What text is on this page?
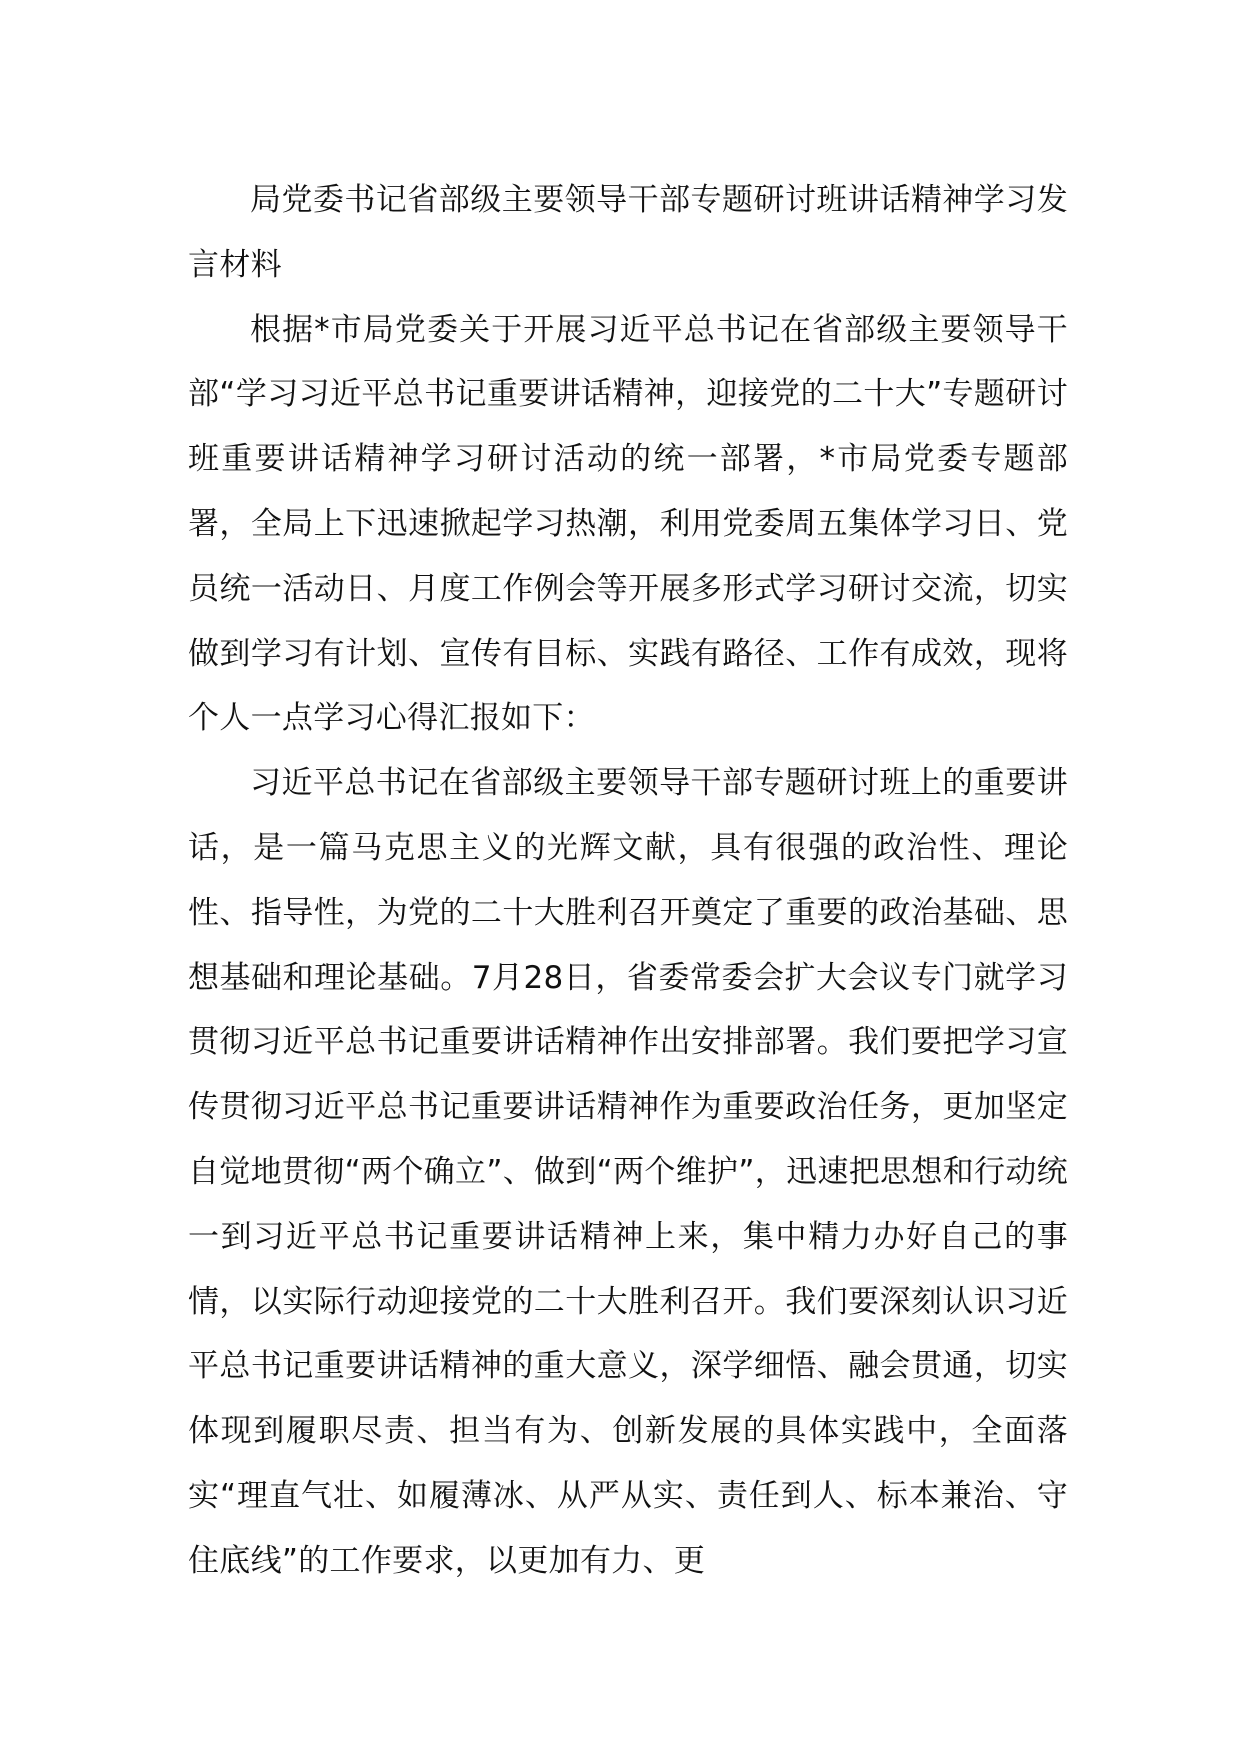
局党委书记省部级主要领导干部专题研讨班讲话精神学习发言材料

根据*市局党委关于开展习近平总书记在省部级主要领导干部“学习习近平总书记重要讲话精神，迎接党的二十大”专题研讨班重要讲话精神学习研讨活动的统一部署，*市局党委专题部署，全局上下迅速掀起学习热潮，利用党委周五集体学习日、党员统一活动日、月度工作例会等开展多形式学习研讨交流，切实做到学习有计划、宣传有目标、实践有路径、工作有成效，现将个人一点学习心得汇报如下：

习近平总书记在省部级主要领导干部专题研讨班上的重要讲话，是一篇马克思主义的光辉文献，具有很强的政治性、理论性、指导性，为党的二十大胜利召开奠定了重要的政治基础、思想基础和理论基础。7月28日，省委常委会扩大会议专门就学习贯彻习近平总书记重要讲话精神作出安排部署。我们要把学习宣传贯彻习近平总书记重要讲话精神作为重要政治任务，更加坚定自觉地贯彻“两个确立”、做到“两个维护”，迅速把思想和行动统一到习近平总书记重要讲话精神上来，集中精力办好自己的事情，以实际行动迎接党的二十大胜利召开。我们要深刻认识习近平总书记重要讲话精神的重大意义，深学细悟、融会贯通，切实体现到履职尽责、担当有为、创新发展的具体实践中，全面落实“理直气壮、如履薄冰、从严从实、责任到人、标本兼治、守住底线”的工作要求，以更加有力、更
